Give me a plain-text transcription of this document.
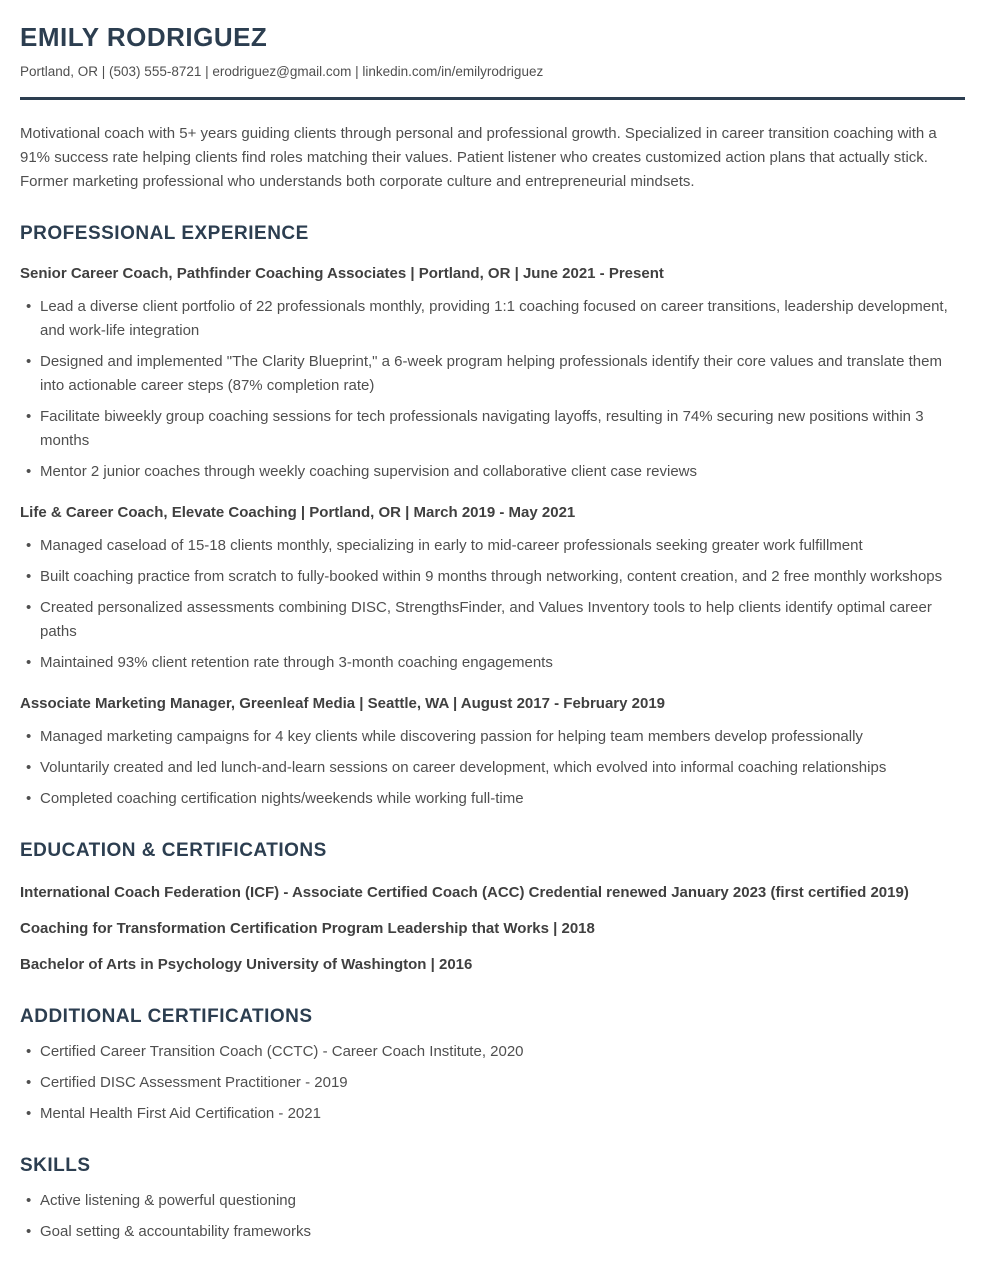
EMILY RODRIGUEZ
Portland, OR | (503) 555-8721 | erodriguez@gmail.com | linkedin.com/in/emilyrodriguez

Motivational coach with 5+ years guiding clients through personal and professional growth. Specialized in career transition coaching with a 91% success rate helping clients find roles matching their values. Patient listener who creates customized action plans that actually stick. Former marketing professional who understands both corporate culture and entrepreneurial mindsets.

PROFESSIONAL EXPERIENCE
Senior Career Coach, Pathfinder Coaching Associates | Portland, OR | June 2021 - Present
• Lead a diverse client portfolio of 22 professionals monthly, providing 1:1 coaching focused on career transitions, leadership development, and work-life integration
• Designed and implemented "The Clarity Blueprint," a 6-week program helping professionals identify their core values and translate them into actionable career steps (87% completion rate)
• Facilitate biweekly group coaching sessions for tech professionals navigating layoffs, resulting in 74% securing new positions within 3 months
• Mentor 2 junior coaches through weekly coaching supervision and collaborative client case reviews
Life & Career Coach, Elevate Coaching | Portland, OR | March 2019 - May 2021
• Managed caseload of 15-18 clients monthly, specializing in early to mid-career professionals seeking greater work fulfillment
• Built coaching practice from scratch to fully-booked within 9 months through networking, content creation, and 2 free monthly workshops
• Created personalized assessments combining DISC, StrengthsFinder, and Values Inventory tools to help clients identify optimal career paths
• Maintained 93% client retention rate through 3-month coaching engagements
Associate Marketing Manager, Greenleaf Media | Seattle, WA | August 2017 - February 2019
• Managed marketing campaigns for 4 key clients while discovering passion for helping team members develop professionally
• Voluntarily created and led lunch-and-learn sessions on career development, which evolved into informal coaching relationships
• Completed coaching certification nights/weekends while working full-time
EDUCATION & CERTIFICATIONS

International Coach Federation (ICF) - Associate Certified Coach (ACC) Credential renewed January 2023 (first certified 2019)

Coaching for Transformation Certification Program Leadership that Works | 2018

Bachelor of Arts in Psychology University of Washington | 2016

ADDITIONAL CERTIFICATIONS
• Certified Career Transition Coach (CCTC) - Career Coach Institute, 2020
• Certified DISC Assessment Practitioner - 2019
• Mental Health First Aid Certification - 2021
SKILLS
• Active listening & powerful questioning
• Goal setting & accountability frameworks
